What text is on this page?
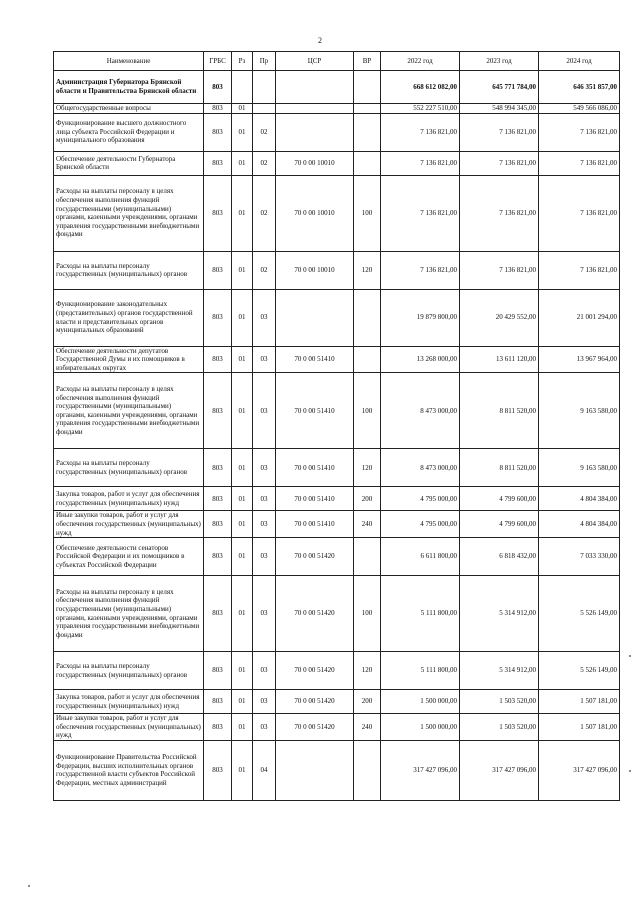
2
Наименование	ГРБС	Рз	Пр	ЦСР	ВР	2022 год	2023 год	2024 год
Администрация Губернатора Брянской области и Правительства Брянской области	803					668 612 082,00	645 771 784,00	646 351 857,00
Общегосударственные вопросы	803	01				552 227 510,00	548 994 345,00	549 566 086,00
Функционирование высшего должностного лица субъекта Российской Федерации и муниципального образования	803	01	02			7 136 821,00	7 136 821,00	7 136 821,00
Обеспечение деятельности Губернатора Брянской области	803	01	02	70 0 00 10010		7 136 821,00	7 136 821,00	7 136 821,00
Расходы на выплаты персоналу в целях обеспечения выполнения функций государственными (муниципальными) органами, казенными учреждениями, органами управления государственными внебюджетными фондами	803	01	02	70 0 00 10010	100	7 136 821,00	7 136 821,00	7 136 821,00
Расходы на выплаты персоналу государственных (муниципальных) органов	803	01	02	70 0 00 10010	120	7 136 821,00	7 136 821,00	7 136 821,00
Функционирование законодательных (представительных) органов государственной власти и представительных органов муниципальных образований	803	01	03			19 879 800,00	20 429 552,00	21 001 294,00
Обеспечение деятельности депутатов Государственной Думы и их помощников в избирательных округах	803	01	03	70 0 00 51410		13 268 000,00	13 611 120,00	13 967 964,00
Расходы на выплаты персоналу в целях обеспечения выполнения функций государственными (муниципальными) органами, казенными учреждениями, органами управления государственными внебюджетными фондами	803	01	03	70 0 00 51410	100	8 473 000,00	8 811 520,00	9 163 580,00
Расходы на выплаты персоналу государственных (муниципальных) органов	803	01	03	70 0 00 51410	120	8 473 000,00	8 811 520,00	9 163 580,00
Закупка товаров, работ и услуг для обеспечения государственных (муниципальных) нужд	803	01	03	70 0 00 51410	200	4 795 000,00	4 799 600,00	4 804 384,00
Иные закупки товаров, работ и услуг для обеспечения государственных (муниципальных) нужд	803	01	03	70 0 00 51410	240	4 795 000,00	4 799 600,00	4 804 384,00
Обеспечение деятельности сенаторов Российской Федерации и их помощников в субъектах Российской Федерации	803	01	03	70 0 00 51420		6 611 800,00	6 818 432,00	7 033 330,00
Расходы на выплаты персоналу в целях обеспечения выполнения функций государственными (муниципальными) органами, казенными учреждениями, органами управления государственными внебюджетными фондами	803	01	03	70 0 00 51420	100	5 111 800,00	5 314 912,00	5 526 149,00
Расходы на выплаты персоналу государственных (муниципальных) органов	803	01	03	70 0 00 51420	120	5 111 800,00	5 314 912,00	5 526 149,00
Закупка товаров, работ и услуг для обеспечения государственных (муниципальных) нужд	803	01	03	70 0 00 51420	200	1 500 000,00	1 503 520,00	1 507 181,00
Иные закупки товаров, работ и услуг для обеспечения государственных (муниципальных) нужд	803	01	03	70 0 00 51420	240	1 500 000,00	1 503 520,00	1 507 181,00
Функционирование Правительства Российской Федерации, высших исполнительных органов государственной власти субъектов Российской Федерации, местных администраций	803	01	04			317 427 096,00	317 427 096,00	317 427 096,00
